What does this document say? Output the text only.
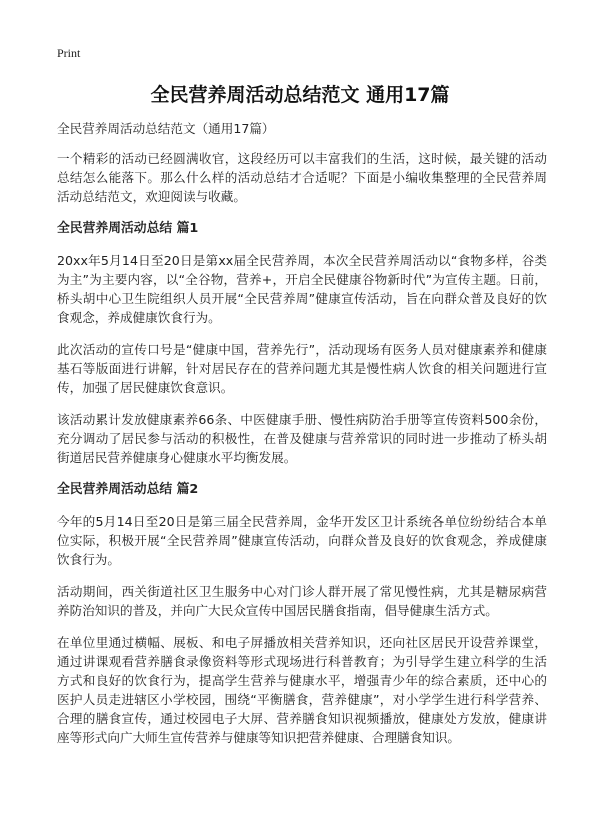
Print
全民营养周活动总结范文 通用17篇

全民营养周活动总结范文（通用17篇）

一个精彩的活动已经圆满收官，这段经历可以丰富我们的生活，这时候，最关键的活动总结怎么能落下。那么什么样的活动总结才合适呢？下面是小编收集整理的全民营养周活动总结范文，欢迎阅读与收藏。

全民营养周活动总结 篇1

20xx年5月14日至20日是第xx届全民营养周，本次全民营养周活动以“食物多样，谷类为主”为主要内容，以“全谷物，营养+，开启全民健康谷物新时代”为宣传主题。日前，桥头胡中心卫生院组织人员开展“全民营养周”健康宣传活动，旨在向群众普及良好的饮食观念，养成健康饮食行为。

此次活动的宣传口号是“健康中国，营养先行”，活动现场有医务人员对健康素养和健康基石等版面进行讲解，针对居民存在的营养问题尤其是慢性病人饮食的相关问题进行宣传，加强了居民健康饮食意识。

该活动累计发放健康素养66条、中医健康手册、慢性病防治手册等宣传资料500余份，充分调动了居民参与活动的积极性，在普及健康与营养常识的同时进一步推动了桥头胡街道居民营养健康身心健康水平均衡发展。

全民营养周活动总结 篇2

今年的5月14日至20日是第三届全民营养周，金华开发区卫计系统各单位纷纷结合本单位实际，积极开展“全民营养周”健康宣传活动，向群众普及良好的饮食观念，养成健康饮食行为。

活动期间，西关街道社区卫生服务中心对门诊人群开展了常见慢性病，尤其是糖尿病营养防治知识的普及，并向广大民众宣传中国居民膳食指南，倡导健康生活方式。

在单位里通过横幅、展板、和电子屏播放相关营养知识，还向社区居民开设营养课堂，通过讲课观看营养膳食录像资料等形式现场进行科普教育；为引导学生建立科学的生活方式和良好的饮食行为，提高学生营养与健康水平，增强青少年的综合素质，还中心的医护人员走进辖区小学校园，围绕“平衡膳食，营养健康”，对小学学生进行科学营养、合理的膳食宣传，通过校园电子大屏、营养膳食知识视频播放，健康处方发放，健康讲座等形式向广大师生宣传营养与健康等知识把营养健康、合理膳食知识。
